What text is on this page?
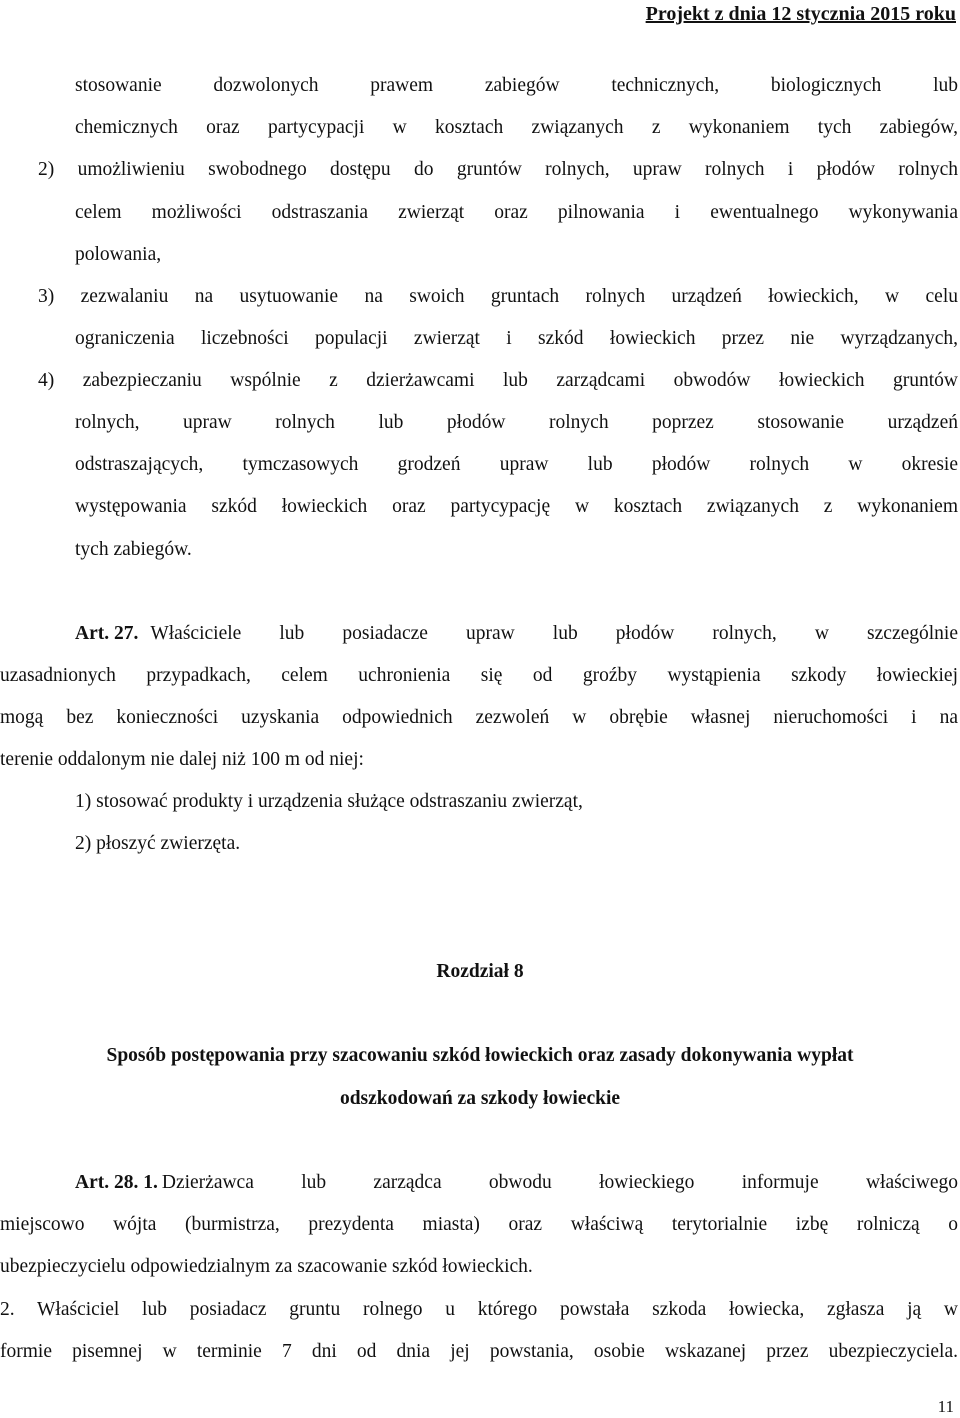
Projekt z dnia 12 stycznia 2015 roku
stosowanie dozwolonych prawem zabiegów technicznych, biologicznych lub
chemicznych oraz partycypacji w kosztach związanych z wykonaniem tych zabiegów,
2) umożliwieniu swobodnego dostępu do gruntów rolnych, upraw rolnych i płodów rolnych
celem możliwości odstraszania zwierząt oraz pilnowania i ewentualnego wykonywania
polowania,
3) zezwalaniu na usytuowanie na swoich gruntach rolnych urządzeń łowieckich, w celu
ograniczenia liczebności populacji zwierząt i szkód łowieckich przez nie wyrządzanych,
4) zabezpieczaniu wspólnie z dzierżawcami lub zarządcami obwodów łowieckich gruntów
rolnych, upraw rolnych lub płodów rolnych poprzez stosowanie urządzeń
odstraszających, tymczasowych grodzeń upraw lub płodów rolnych w okresie
występowania szkód łowieckich oraz partycypację w kosztach związanych z wykonaniem
tych zabiegów.
Art. 27. Właściciele lub posiadacze upraw lub płodów rolnych, w szczególnie
uzasadnionych przypadkach, celem uchronienia się od groźby wystąpienia szkody łowieckiej
mogą bez konieczności uzyskania odpowiednich zezwoleń w obrębie własnej nieruchomości i na
terenie oddalonym nie dalej niż 100 m od niej:
1) stosować produkty i urządzenia służące odstraszaniu zwierząt,
2) płoszyć zwierzęta.
Rozdział 8
Sposób postępowania przy szacowaniu szkód łowieckich oraz zasady dokonywania wypłat
odszkodowań za szkody łowieckie
Art. 28. 1. Dzierżawca lub zarządca obwodu łowieckiego informuje właściwego
miejscowo wójta (burmistrza, prezydenta miasta) oraz właściwą terytorialnie izbę rolniczą o
ubezpieczycielu odpowiedzialnym za szacowanie szkód łowieckich.
2. Właściciel lub posiadacz gruntu rolnego u którego powstała szkoda łowiecka, zgłasza ją w
formie pisemnej w terminie 7 dni od dnia jej powstania, osobie wskazanej przez ubezpieczyciela.
11
